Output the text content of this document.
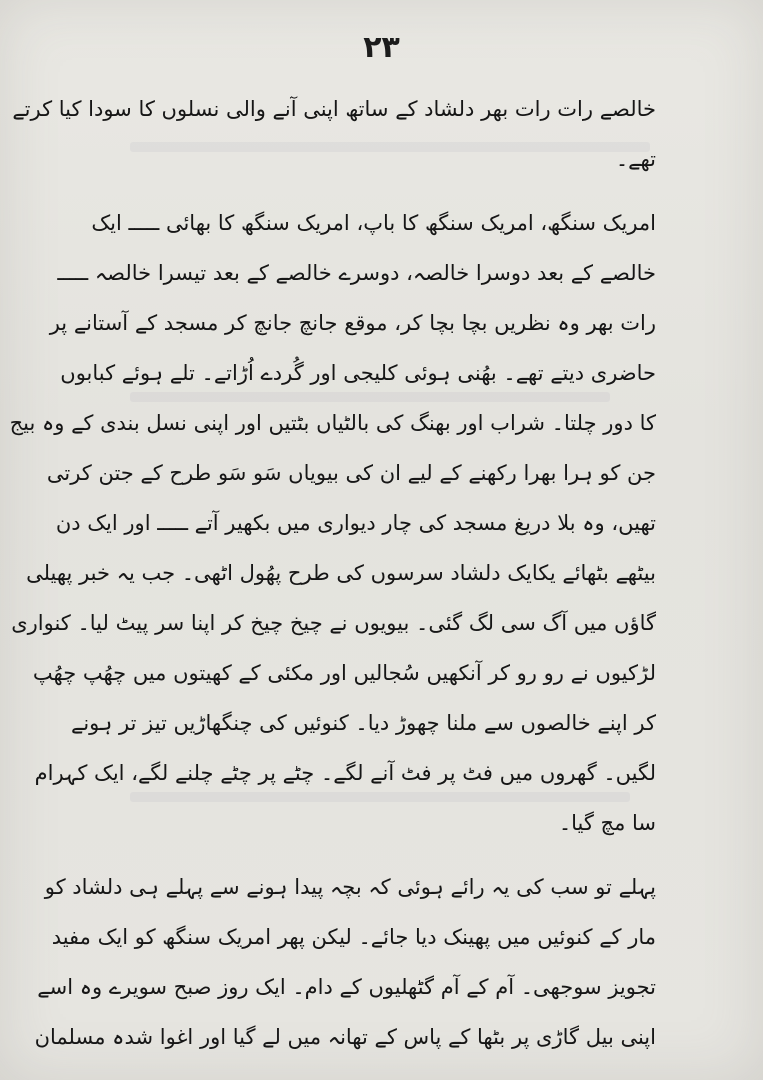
۲۳
خالصے رات رات بھر دلشاد کے ساتھ اپنی آنے والی نسلوں کا سودا کیا کرتے
تھے۔
امریک سنگھ، امریک سنگھ کا باپ، امریک سنگھ کا بھائی ـــــ ایک
خالصے کے بعد دوسرا خالصہ، دوسرے خالصے کے بعد تیسرا خالصہ ـــــ
رات بھر وہ نظریں بچا بچا کر، موقع جانچ جانچ کر مسجد کے آستانے پر
حاضری دیتے تھے۔ بھُنی ہوئی کلیجی اور گُردے اُڑاتے۔ تلے ہوئے کبابوں
کا دور چلتا۔ شراب اور بھنگ کی بالٹیاں بٹتیں اور اپنی نسل بندی کے وہ بیج
جن کو ہرا بھرا رکھنے کے لیے ان کی بیویاں سَو سَو طرح کے جتن کرتی
تھیں، وہ بلا دریغ مسجد کی چار دیواری میں بکھیر آتے ـــــ اور ایک دن
بیٹھے بٹھائے یکایک دلشاد سرسوں کی طرح پھُول اٹھی۔ جب یہ خبر پھیلی
گاؤں میں آگ سی لگ گئی۔ بیویوں نے چیخ چیخ کر اپنا سر پیٹ لیا۔ کنواری
لڑکیوں نے رو رو کر آنکھیں سُجالیں اور مکئی کے کھیتوں میں چھُپ چھُپ
کر اپنے خالصوں سے ملنا چھوڑ دیا۔ کنوئیں کی چنگھاڑیں تیز تر ہونے
لگیں۔ گھروں میں فٹ پر فٹ آنے لگے۔ چٹے پر چٹے چلنے لگے، ایک کہرام
سا مچ گیا۔
پہلے تو سب کی یہ رائے ہوئی کہ بچہ پیدا ہونے سے پہلے ہی دلشاد کو
مار کے کنوئیں میں پھینک دیا جائے۔ لیکن پھر امریک سنگھ کو ایک مفید
تجویز سوجھی۔ آم کے آم گٹھلیوں کے دام۔ ایک روز صبح سویرے وہ اسے
اپنی بیل گاڑی پر بٹھا کے پاس کے تھانہ میں لے گیا اور اغوا شدہ مسلمان
